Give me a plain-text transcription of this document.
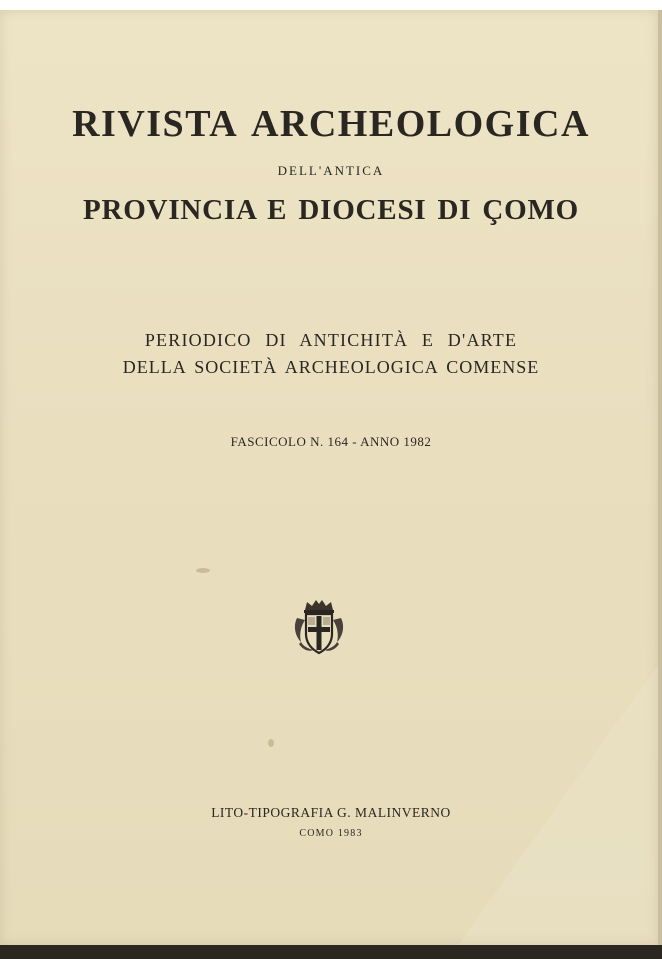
RIVISTA ARCHEOLOGICA
DELL'ANTICA
PROVINCIA E DIOCESI DI ÇOMO
PERIODICO DI ANTICHITÀ E D'ARTE
DELLA SOCIETÀ ARCHEOLOGICA COMENSE
FASCICOLO N. 164 - ANNO 1982
LITO-TIPOGRAFIA G. MALINVERNO
COMO 1983
